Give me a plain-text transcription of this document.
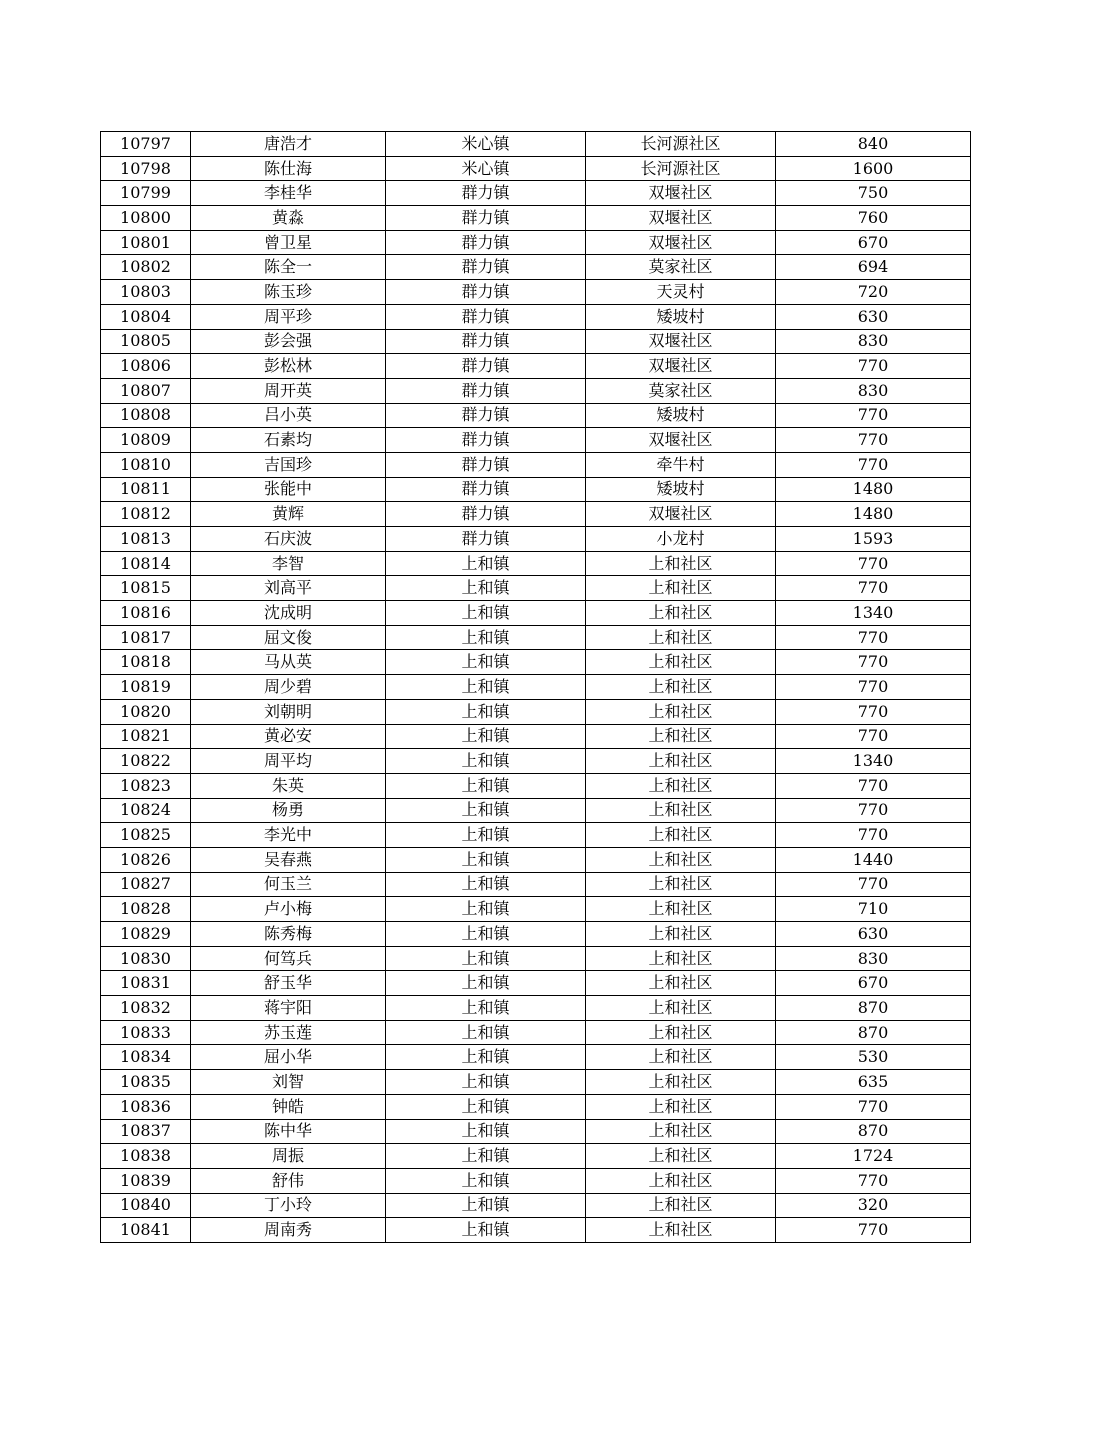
10797	唐浩才	米心镇	长河源社区	840
10798	陈仕海	米心镇	长河源社区	1600
10799	李桂华	群力镇	双堰社区	750
10800	黄淼	群力镇	双堰社区	760
10801	曾卫星	群力镇	双堰社区	670
10802	陈全一	群力镇	莫家社区	694
10803	陈玉珍	群力镇	天灵村	720
10804	周平珍	群力镇	矮坡村	630
10805	彭会强	群力镇	双堰社区	830
10806	彭松林	群力镇	双堰社区	770
10807	周开英	群力镇	莫家社区	830
10808	吕小英	群力镇	矮坡村	770
10809	石素均	群力镇	双堰社区	770
10810	吉国珍	群力镇	牵牛村	770
10811	张能中	群力镇	矮坡村	1480
10812	黄辉	群力镇	双堰社区	1480
10813	石庆波	群力镇	小龙村	1593
10814	李智	上和镇	上和社区	770
10815	刘高平	上和镇	上和社区	770
10816	沈成明	上和镇	上和社区	1340
10817	屈文俊	上和镇	上和社区	770
10818	马从英	上和镇	上和社区	770
10819	周少碧	上和镇	上和社区	770
10820	刘朝明	上和镇	上和社区	770
10821	黄必安	上和镇	上和社区	770
10822	周平均	上和镇	上和社区	1340
10823	朱英	上和镇	上和社区	770
10824	杨勇	上和镇	上和社区	770
10825	李光中	上和镇	上和社区	770
10826	吴春燕	上和镇	上和社区	1440
10827	何玉兰	上和镇	上和社区	770
10828	卢小梅	上和镇	上和社区	710
10829	陈秀梅	上和镇	上和社区	630
10830	何笃兵	上和镇	上和社区	830
10831	舒玉华	上和镇	上和社区	670
10832	蒋宇阳	上和镇	上和社区	870
10833	苏玉莲	上和镇	上和社区	870
10834	屈小华	上和镇	上和社区	530
10835	刘智	上和镇	上和社区	635
10836	钟皓	上和镇	上和社区	770
10837	陈中华	上和镇	上和社区	870
10838	周振	上和镇	上和社区	1724
10839	舒伟	上和镇	上和社区	770
10840	丁小玲	上和镇	上和社区	320
10841	周南秀	上和镇	上和社区	770
